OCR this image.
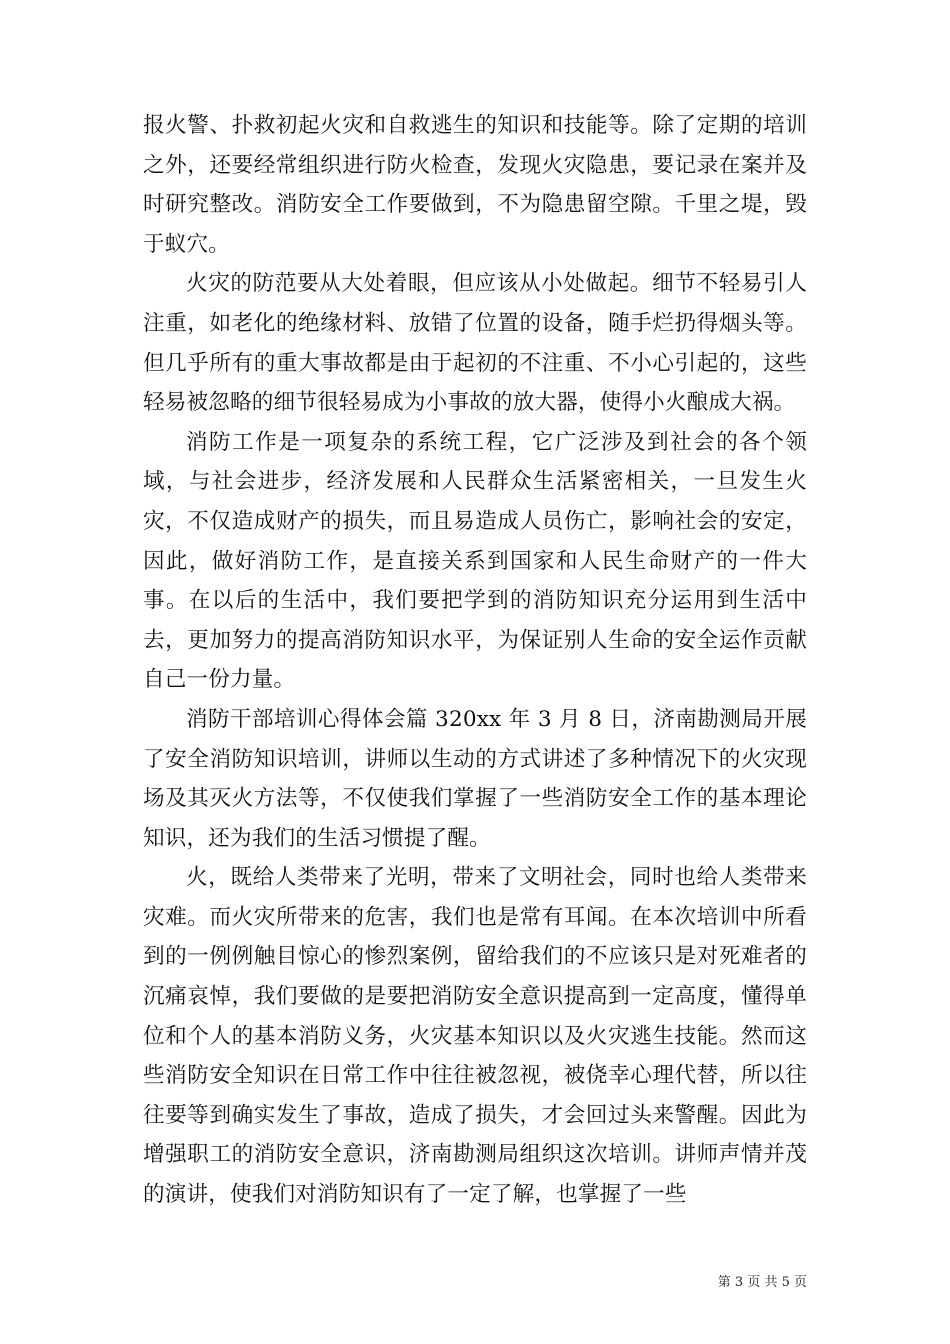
报火警、扑救初起火灾和自救逃生的知识和技能等。除了定期的培训之外，还要经常组织进行防火检查，发现火灾隐患，要记录在案并及时研究整改。消防安全工作要做到，不为隐患留空隙。千里之堤，毁于蚁穴。

火灾的防范要从大处着眼，但应该从小处做起。细节不轻易引人注重，如老化的绝缘材料、放错了位置的设备，随手烂扔得烟头等。但几乎所有的重大事故都是由于起初的不注重、不小心引起的，这些轻易被忽略的细节很轻易成为小事故的放大器，使得小火酿成大祸。

消防工作是一项复杂的系统工程，它广泛涉及到社会的各个领域，与社会进步，经济发展和人民群众生活紧密相关，一旦发生火灾，不仅造成财产的损失，而且易造成人员伤亡，影响社会的安定，因此，做好消防工作，是直接关系到国家和人民生命财产的一件大事。在以后的生活中，我们要把学到的消防知识充分运用到生活中去，更加努力的提高消防知识水平，为保证别人生命的安全运作贡献自己一份力量。

消防干部培训心得体会篇 320xx 年 3 月 8 日，济南勘测局开展了安全消防知识培训，讲师以生动的方式讲述了多种情况下的火灾现场及其灭火方法等，不仅使我们掌握了一些消防安全工作的基本理论知识，还为我们的生活习惯提了醒。

火，既给人类带来了光明，带来了文明社会，同时也给人类带来灾难。而火灾所带来的危害，我们也是常有耳闻。在本次培训中所看到的一例例触目惊心的惨烈案例，留给我们的不应该只是对死难者的沉痛哀悼，我们要做的是要把消防安全意识提高到一定高度，懂得单位和个人的基本消防义务，火灾基本知识以及火灾逃生技能。然而这些消防安全知识在日常工作中往往被忽视，被侥幸心理代替，所以往往要等到确实发生了事故，造成了损失，才会回过头来警醒。因此为增强职工的消防安全意识，济南勘测局组织这次培训。讲师声情并茂的演讲，使我们对消防知识有了一定了解，也掌握了一些

第 3 页 共 5 页
